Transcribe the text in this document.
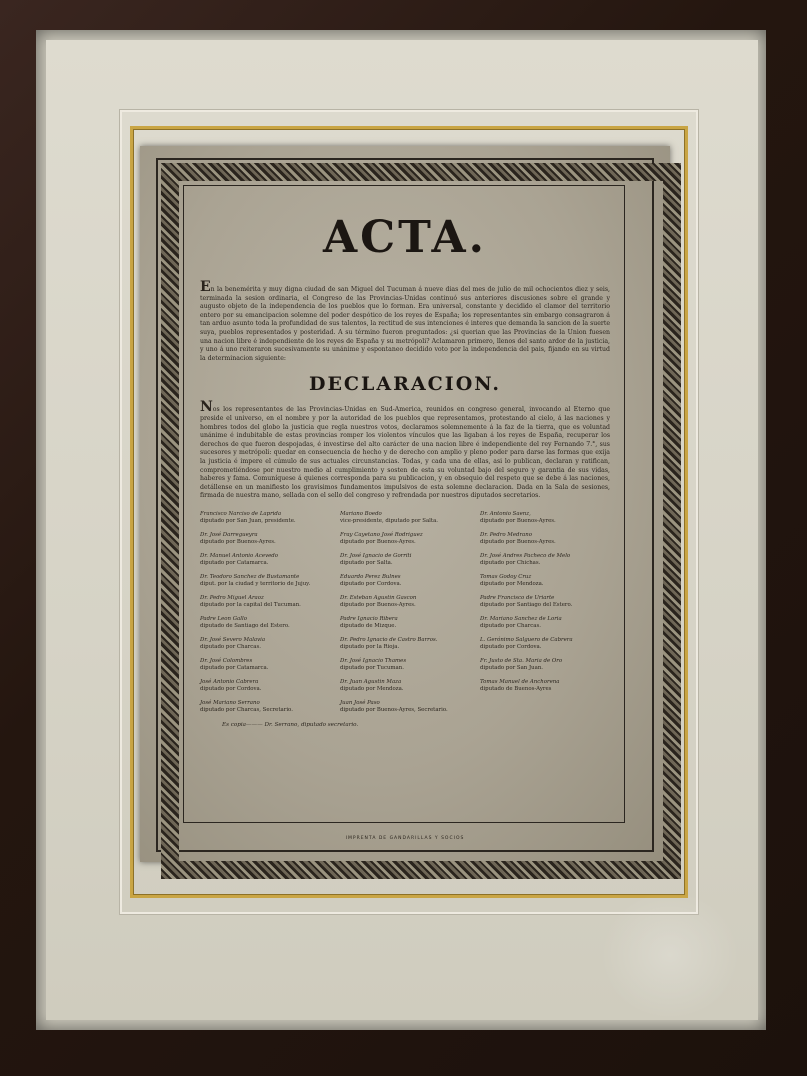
ACTA.

En la benemérita y muy digna ciudad de san Miguel del Tucuman á nueve dias del mes de julio de mil ochocientos diez y seis, terminada la sesion ordinaria, el Congreso de las Provincias-Unidas continuó sus anteriores discusiones sobre el grande y augusto objeto de la independencia de los pueblos que lo forman. Era universal, constante y decidido el clamor del territorio entero por su emancipacion solemne del poder despótico de los reyes de España; los representantes sin embargo consagraron á tan arduo asunto toda la profundidad de sus talentos, la rectitud de sus intenciones é interes que demanda la sancion de la suerte suya, pueblos representados y posteridad. A su término fueron preguntados: ¿si querian que las Provincias de la Union fuesen una nacion libre é independiente de los reyes de España y su metrópoli? Aclamaron primero, llenos del santo ardor de la justicia, y uno á uno reiteraron sucesivamente su unánime y espontaneo decidido voto por la independencia del pais, fijando en su virtud la determinacion siguiente:

DECLARACION.

Nos los representantes de las Provincias-Unidas en Sud-America, reunidos en congreso general, invocando al Eterno que preside el universo, en el nombre y por la autoridad de los pueblos que representamos, protestando al cielo, á las naciones y hombres todos del globo la justicia que regla nuestros votos, declaramos solemnemente á la faz de la tierra, que es voluntad unánime é indubitable de estas provincias romper los violentos vínculos que las ligaban á los reyes de España, recuperar los derechos de que fueron despojadas, é investirse del alto carácter de una nacion libre é independiente del rey Fernando 7.°, sus sucesores y metrópoli: quedar en consecuencia de hecho y de derecho con amplio y pleno poder para darse las formas que exija la justicia é impere el cúmulo de sus actuales circunstancias. Todas, y cada una de ellas, asi lo publican, declaran y ratifican, comprometiéndose por nuestro medio al cumplimiento y sosten de esta su voluntad bajo del seguro y garantia de sus vidas, haberes y fama. Comuníquese á quienes corresponda para su publicacion, y en obsequio del respeto que se debe á las naciones, detállense en un manifiesto los gravisimos fundamentos impulsivos de esta solemne declaracion. Dada en la Sala de sesiones, firmada de nuestra mano, sellada con el sello del congreso y refrendada por nuestros diputados secretarios.

Francisco Narciso de Laprida
diputado por San Juan, presidente.
Mariano Boedo
vice-presidente, diputado por Salta.
Dr. Antonio Saenz,
diputado por Buenos-Ayres.
Dr. José Darregueyra
diputado por Buenos-Ayres.
Fray Cayetano José Rodriguez
diputado por Buenos-Ayres.
Dr. Pedro Medrano
diputado por Buenos-Ayres.
Dr. Manuel Antonio Acevedo
diputado por Catamarca.
Dr. José Ignacio de Gorriti
diputado por Salta.
Dr. José Andres Pacheco de Melo
diputado por Chichas.
Dr. Teodoro Sanchez de Bustamante
diput. por la ciudad y territorio de Jujuy.
Eduardo Perez Bulnes
diputado por Cordova.
Tomas Godoy Cruz
diputado por Mendoza.
Dr. Pedro Miguel Araoz
diputado por la capital del Tucuman.
Dr. Esteban Agustin Gascon
diputado por Buenos-Ayres.
Padre Francisco de Uriarte
diputado por Santiago del Estero.
Padre Leon Gallo
diputado de Santiago del Estero.
Padre Ignacio Ribera
diputado de Mizque.
Dr. Mariano Sanchez de Loria
diputado por Charcas.
Dr. José Severo Malavia
diputado por Charcas.
Dr. Pedro Ignacio de Castro Barros.
diputado por la Rioja.
L. Gerónimo Salguero de Cabrera
diputado por Cordova.
Dr. José Colombres
diputado por Catamarca.
Dr. José Ignacio Thames
diputado por Tucuman.
Fr. Justo de Sta. Maria de Oro
diputado por San Juan.
José Antonio Cabrera
diputado por Cordova.
Dr. Juan Agustin Maza
diputado por Mendoza.
Tomas Manuel de Anchorena
diputado de Buenos-Ayres
José Mariano Serrano
diputado por Charcas, Secretario.
Juan José Paso
diputado por Buenos-Ayres, Secretario.
Es copia——— Dr. Serrano, diputado secretario.
IMPRENTA DE GANDARILLAS Y SOCIOS
